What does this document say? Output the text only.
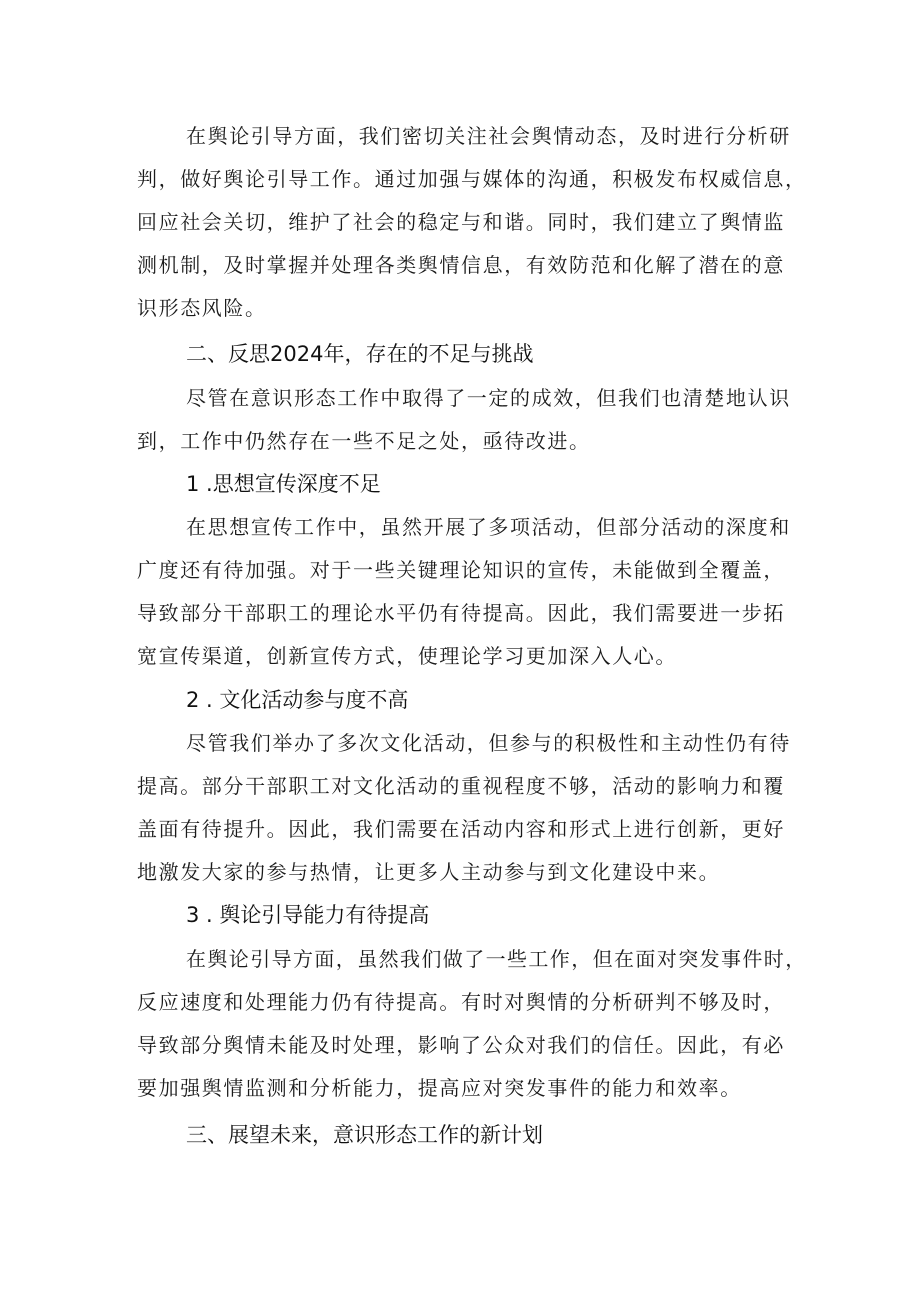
在舆论引导方面，我们密切关注社会舆情动态，及时进行分析研
判，做好舆论引导工作。通过加强与媒体的沟通，积极发布权威信息，
回应社会关切，维护了社会的稳定与和谐。同时，我们建立了舆情监
测机制，及时掌握并处理各类舆情信息，有效防范和化解了潜在的意
识形态风险。
二、反思2024年，存在的不足与挑战
尽管在意识形态工作中取得了一定的成效，但我们也清楚地认识
到，工作中仍然存在一些不足之处，亟待改进。
1 .思想宣传深度不足
在思想宣传工作中，虽然开展了多项活动，但部分活动的深度和
广度还有待加强。对于一些关键理论知识的宣传，未能做到全覆盖，
导致部分干部职工的理论水平仍有待提高。因此，我们需要进一步拓
宽宣传渠道，创新宣传方式，使理论学习更加深入人心。
2 . 文化活动参与度不高
尽管我们举办了多次文化活动，但参与的积极性和主动性仍有待
提高。部分干部职工对文化活动的重视程度不够，活动的影响力和覆
盖面有待提升。因此，我们需要在活动内容和形式上进行创新，更好
地激发大家的参与热情，让更多人主动参与到文化建设中来。
3 . 舆论引导能力有待提高
在舆论引导方面，虽然我们做了一些工作，但在面对突发事件时，
反应速度和处理能力仍有待提高。有时对舆情的分析研判不够及时，
导致部分舆情未能及时处理，影响了公众对我们的信任。因此，有必
要加强舆情监测和分析能力，提高应对突发事件的能力和效率。
三、展望未来，意识形态工作的新计划
